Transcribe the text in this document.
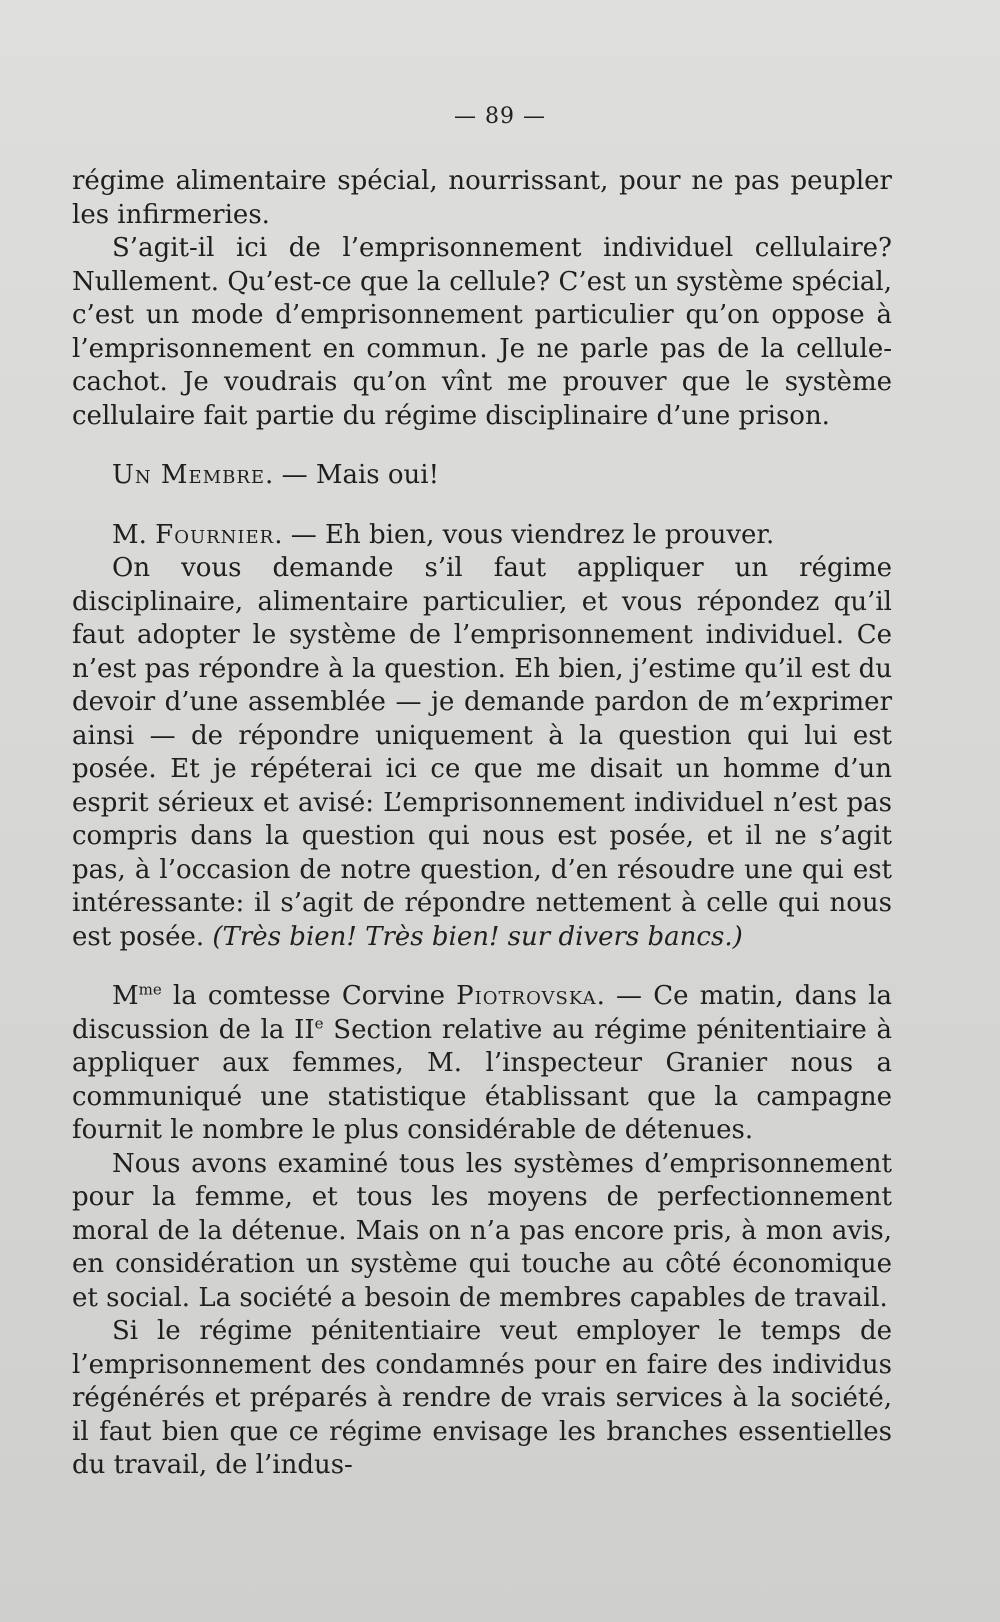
— 89 —

régime alimentaire spécial, nourrissant, pour ne pas peupler les infirmeries.

S’agit-il ici de l’emprisonnement individuel cellulaire? Nullement. Qu’est-ce que la cellule? C’est un système spécial, c’est un mode d’emprisonnement particulier qu’on oppose à l’emprisonnement en commun. Je ne parle pas de la cellule-cachot. Je voudrais qu’on vînt me prouver que le système cellulaire fait partie du régime disciplinaire d’une prison.

Un Membre. — Mais oui!

M. Fournier. — Eh bien, vous viendrez le prouver.

On vous demande s’il faut appliquer un régime disciplinaire, alimentaire particulier, et vous répondez qu’il faut adopter le système de l’emprisonnement individuel. Ce n’est pas répondre à la question. Eh bien, j’estime qu’il est du devoir d’une assemblée — je demande pardon de m’exprimer ainsi — de répondre uniquement à la question qui lui est posée. Et je répéterai ici ce que me disait un homme d’un esprit sérieux et avisé: L’emprisonnement individuel n’est pas compris dans la question qui nous est posée, et il ne s’agit pas, à l’occasion de notre question, d’en résoudre une qui est intéressante: il s’agit de répondre nettement à celle qui nous est posée. (Très bien! Très bien! sur divers bancs.)

$M^{me}$ la comtesse Corvine Piotrovska. — Ce matin, dans la discussion de la IIe Section relative au régime pénitentiaire à appliquer aux femmes, M. l’inspecteur Granier nous a communiqué une statistique établissant que la campagne fournit le nombre le plus considérable de détenues.

Nous avons examiné tous les systèmes d’emprisonnement pour la femme, et tous les moyens de perfectionnement moral de la détenue. Mais on n’a pas encore pris, à mon avis, en considération un système qui touche au côté économique et social. La société a besoin de membres capables de travail.

Si le régime pénitentiaire veut employer le temps de l’emprisonnement des condamnés pour en faire des individus régénérés et préparés à rendre de vrais services à la société, il faut bien que ce régime envisage les branches essentielles du travail, de l’indus-
